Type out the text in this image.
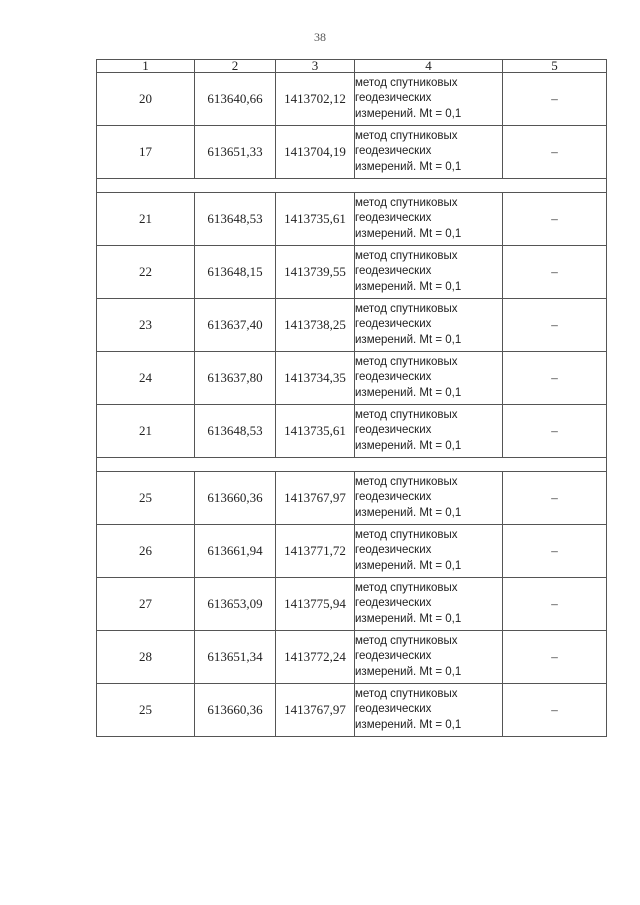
38
1	2	3	4	5
20	613640,66	1413702,12	метод спутниковых
геодезических
измерений. Mt = 0,1	–
17	613651,33	1413704,19	метод спутниковых
геодезических
измерений. Mt = 0,1	–

21	613648,53	1413735,61	метод спутниковых
геодезических
измерений. Mt = 0,1	–
22	613648,15	1413739,55	метод спутниковых
геодезических
измерений. Mt = 0,1	–
23	613637,40	1413738,25	метод спутниковых
геодезических
измерений. Mt = 0,1	–
24	613637,80	1413734,35	метод спутниковых
геодезических
измерений. Mt = 0,1	–
21	613648,53	1413735,61	метод спутниковых
геодезических
измерений. Mt = 0,1	–

25	613660,36	1413767,97	метод спутниковых
геодезических
измерений. Mt = 0,1	–
26	613661,94	1413771,72	метод спутниковых
геодезических
измерений. Mt = 0,1	–
27	613653,09	1413775,94	метод спутниковых
геодезических
измерений. Mt = 0,1	–
28	613651,34	1413772,24	метод спутниковых
геодезических
измерений. Mt = 0,1	–
25	613660,36	1413767,97	метод спутниковых
геодезических
измерений. Mt = 0,1	–
